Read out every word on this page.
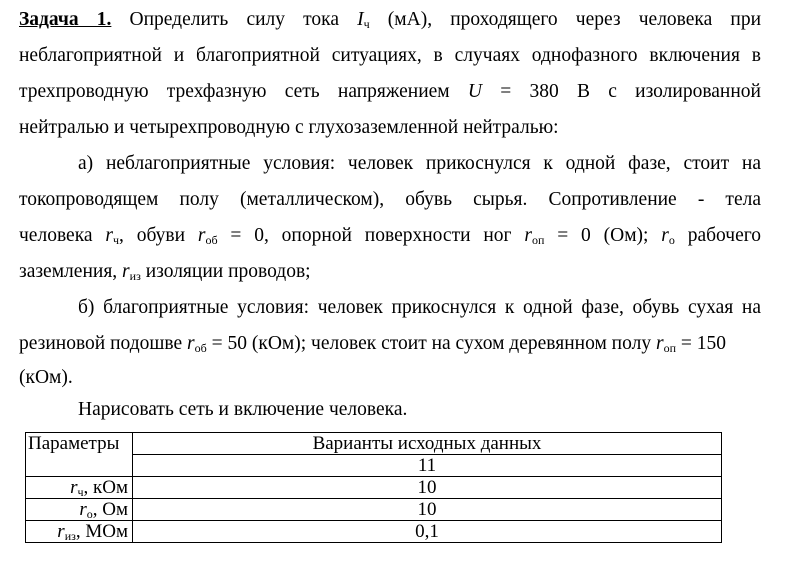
Задача 1. Определить силу тока $I_ч$ (мА), проходящего через человека при
неблагоприятной и благоприятной ситуациях, в случаях однофазного включения в
трехпроводную трехфазную сеть напряжением U = 380 В с изолированной
нейтралью и четырехпроводную с глухозаземленной нейтралью:
а) неблагоприятные условия: человек прикоснулся к одной фазе, стоит на
токопроводящем полу (металлическом), обувь сырья. Сопротивление - тела
человека $r_ч$, обуви $r_{об} = 0$, опорной поверхности ног $r_{оп} = 0$ (Ом); $r_о$ рабочего
заземления, $r_{из}$ изоляции проводов;
б) благоприятные условия: человек прикоснулся к одной фазе, обувь сухая на
резиновой подошве $r_{об} = 50$ (кОм); человек стоит на сухом деревянном полу $r_{оп} = 150$
(кОм).
Нарисовать сеть и включение человека.
Параметры	Варианты исходных данных
	11
$r_ч$, кОм	10
$r_о$, Ом	10
$r_{из}$, МОм	0,1
